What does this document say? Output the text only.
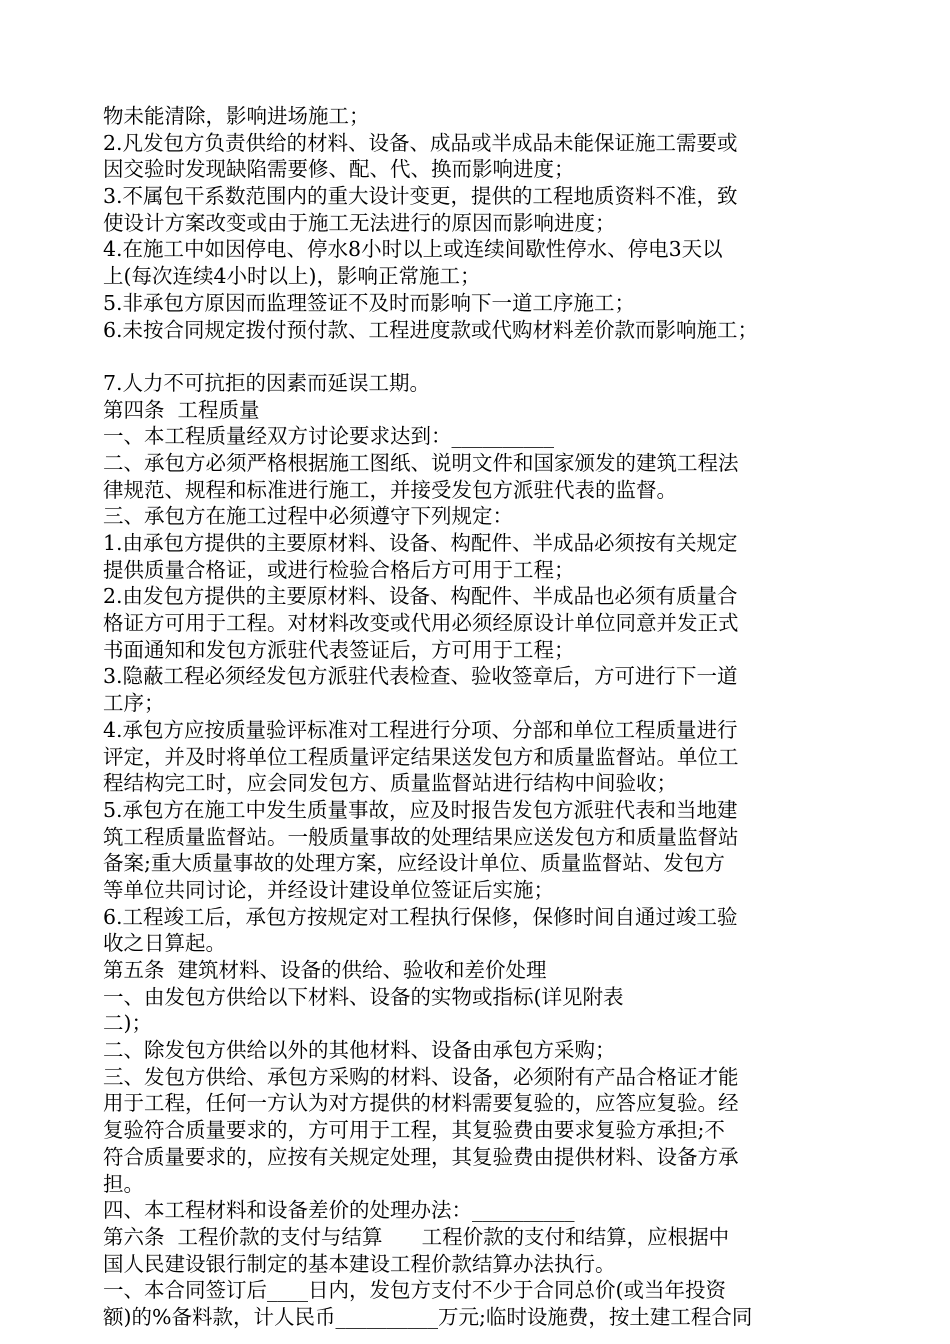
物未能清除，影响进场施工；
2.凡发包方负责供给的材料、设备、成品或半成品未能保证施工需要或
因交验时发现缺陷需要修、配、代、换而影响进度；
3.不属包干系数范围内的重大设计变更，提供的工程地质资料不准，致
使设计方案改变或由于施工无法进行的原因而影响进度；
4.在施工中如因停电、停水8小时以上或连续间歇性停水、停电3天以
上(每次连续4小时以上)，影响正常施工；
5.非承包方原因而监理签证不及时而影响下一道工序施工；
6.未按合同规定拨付预付款、工程进度款或代购材料差价款而影响施工；
7.人力不可抗拒的因素而延误工期。
第四条  工程质量
一、本工程质量经双方讨论要求达到：__________
二、承包方必须严格根据施工图纸、说明文件和国家颁发的建筑工程法
律规范、规程和标准进行施工，并接受发包方派驻代表的监督。
三、承包方在施工过程中必须遵守下列规定：
1.由承包方提供的主要原材料、设备、构配件、半成品必须按有关规定
提供质量合格证，或进行检验合格后方可用于工程；
2.由发包方提供的主要原材料、设备、构配件、半成品也必须有质量合
格证方可用于工程。对材料改变或代用必须经原设计单位同意并发正式
书面通知和发包方派驻代表签证后，方可用于工程；
3.隐蔽工程必须经发包方派驻代表检查、验收签章后，方可进行下一道
工序；
4.承包方应按质量验评标准对工程进行分项、分部和单位工程质量进行
评定，并及时将单位工程质量评定结果送发包方和质量监督站。单位工
程结构完工时，应会同发包方、质量监督站进行结构中间验收；
5.承包方在施工中发生质量事故，应及时报告发包方派驻代表和当地建
筑工程质量监督站。一般质量事故的处理结果应送发包方和质量监督站
备案;重大质量事故的处理方案，应经设计单位、质量监督站、发包方
等单位共同讨论，并经设计建设单位签证后实施；
6.工程竣工后，承包方按规定对工程执行保修，保修时间自通过竣工验
收之日算起。
第五条  建筑材料、设备的供给、验收和差价处理
一、由发包方供给以下材料、设备的实物或指标(详见附表
二)；
二、除发包方供给以外的其他材料、设备由承包方采购；
三、发包方供给、承包方采购的材料、设备，必须附有产品合格证才能
用于工程，任何一方认为对方提供的材料需要复验的，应答应复验。经
复验符合质量要求的，方可用于工程，其复验费由要求复验方承担;不
符合质量要求的，应按有关规定处理，其复验费由提供材料、设备方承
担。
四、本工程材料和设备差价的处理办法：__________
第六条  工程价款的支付与结算      工程价款的支付和结算，应根据中
国人民建设银行制定的基本建设工程价款结算办法执行。
一、本合同签订后____日内，发包方支付不少于合同总价(或当年投资
额)的%备料款，计人民币__________万元;临时设施费，按土建工程合同
